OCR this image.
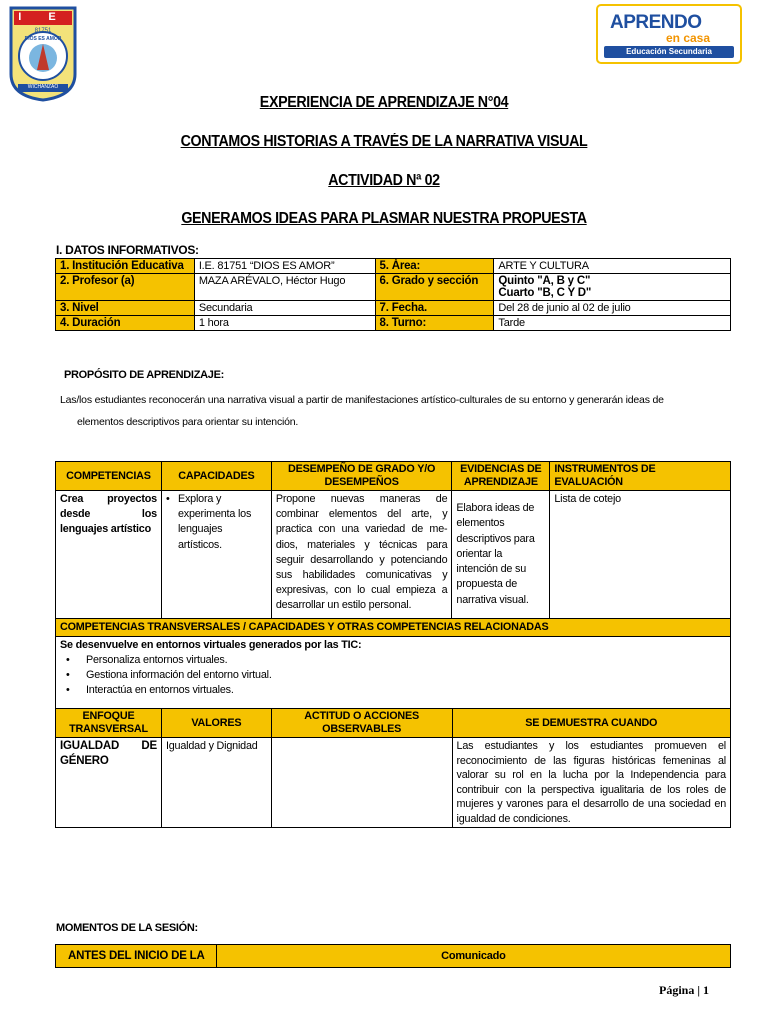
I E
81751
DIOS ES AMOR
WICHANZAO
APRENDO
en casa
Educación Secundaria
EXPERIENCIA DE APRENDIZAJE N°04
CONTAMOS HISTORIAS A TRAVÉS DE LA NARRATIVA VISUAL
ACTIVIDAD Nª 02
GENERAMOS IDEAS PARA PLASMAR NUESTRA PROPUESTA
I. DATOS INFORMATIVOS:
1. Institución Educativa	I.E. 81751 “DIOS ES AMOR”	5. Área:	ARTE Y CULTURA
2. Profesor (a)	MAZA ARÉVALO, Héctor Hugo	6. Grado y sección	Quinto "A, B y C"
Cuarto "B, C Y D"

3. Nivel	Secundaria	7. Fecha.	Del 28 de junio al 02 de julio
4. Duración	1 hora	8. Turno:	Tarde
PROPÓSITO DE APRENDIZAJE:
Las/los estudiantes reconocerán una narrativa visual a partir de manifestaciones artístico-culturales de su entorno y generarán ideas de
elementos descriptivos para orientar su intención.
COMPETENCIAS	CAPACIDADES	DESEMPEÑO DE GRADO Y/O DESEMPEÑOS	EVIDENCIAS DE APRENDIZAJE	INSTRUMENTOS DE EVALUACIÓN
Crea proyectos desde los lenguajes artístico	• Explora y experimenta los lenguajes artísticos.	Propone nuevas maneras de combinar elementos del arte, y practica con una variedad de me-dios, materiales y técnicas para seguir desarrollando y potenciando sus habilidades comunicativas y expresivas, con lo cual empieza a desarrollar un estilo personal.	Elabora ideas de elementos descriptivos para orientar la intención de su propuesta de narrativa visual.	Lista de cotejo
COMPETENCIAS TRANSVERSALES / CAPACIDADES Y OTRAS COMPETENCIAS RELACIONADAS				

Se desenvuelve en entornos virtuales generados por las TIC:
• Personaliza entornos virtuales.
• Gestiona información del entorno virtual.
• Interactúa en entornos virtuales.
ENFOQUE TRANSVERSAL	VALORES	ACTITUD O ACCIONES OBSERVABLES	SE DEMUESTRA CUANDO
IGUALDAD DE GÉNERO	Igualdad y Dignidad		Las estudiantes y los estudiantes promueven el reconocimiento de las figuras históricas femeninas al valorar su rol en la lucha por la Independencia para contribuir con la perspectiva igualitaria de los roles de mujeres y varones para el desarrollo de una sociedad en igualdad de condiciones.
MOMENTOS DE LA SESIÓN:
ANTES DEL INICIO DE LA	Comunicado
Página | 1
